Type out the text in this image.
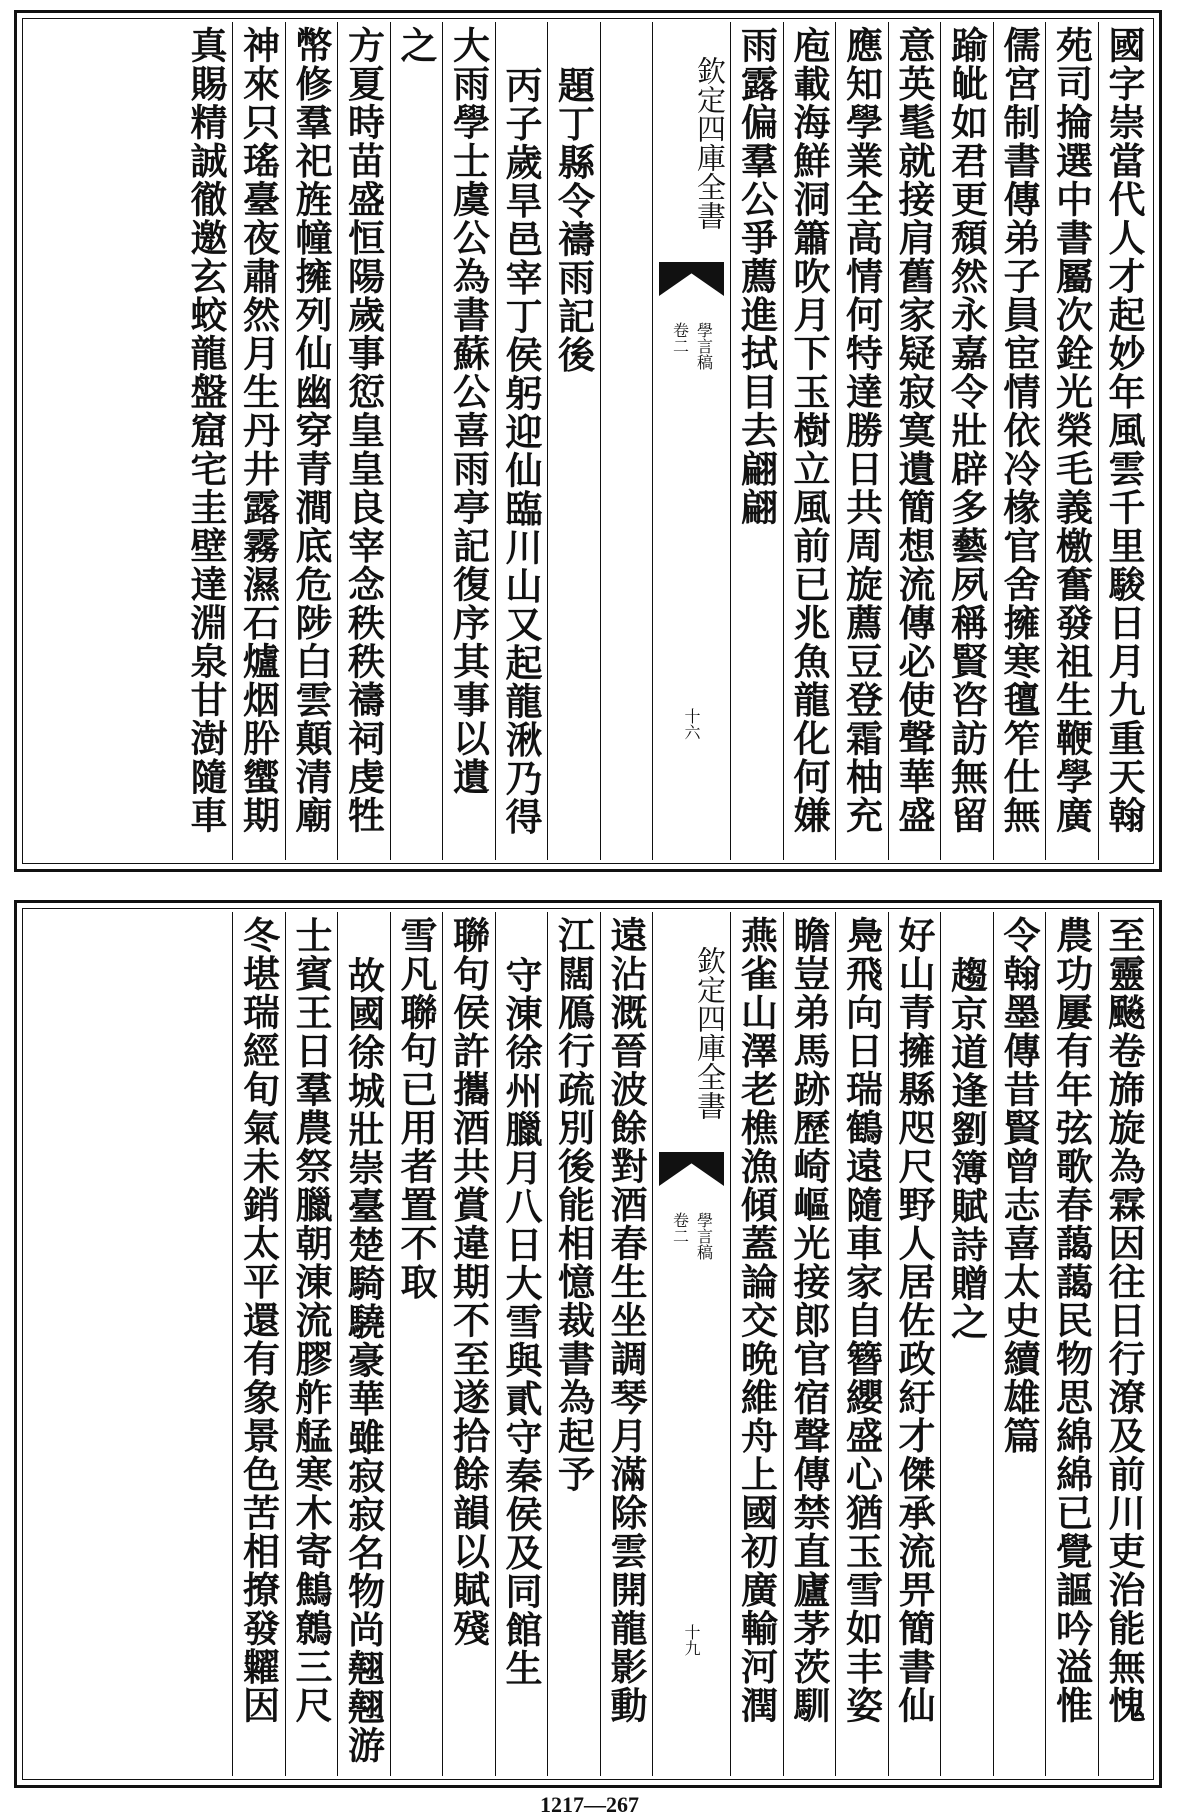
國字崇當代人才起妙年風雲千里駿日月九重天翰
苑司掄選中書屬次銓光榮毛義檄奮發祖生鞭學廣
儒宮制書傳弟子員宦情依冷椽官舍擁寒氊笮仕無
踰皉如君更頹然永嘉令壯辟多藝夙稱賢咨訪無留
意英髦就接肩舊家疑寂寞遺簡想流傳必使聲華盛
應知學業全高情何特達勝日共周旋薦豆登霜柚充
庖載海鮮洞簫吹月下玉樹立風前已兆魚龍化何嫌
雨露偏羣公爭薦進拭目去翩翩
欽定四庫全書
學言稿
卷二
十六
題丁縣令禱雨記後
丙子歲旱邑宰丁侯躬迎仙臨川山又起龍湫乃得
大雨學士虞公為書蘇公喜雨亭記復序其事以遺
之
方夏時苗盛恒陽歲事愆皇皇良宰念秩秩禱祠虔牲
幣修羣祀旌幢擁列仙幽穿青澗底危陟白雲顛清廟
神來只瑤臺夜肅然月生丹井露霧濕石爐烟肸蠁期
真賜精誠徹邀玄蛟龍盤窟宅圭壁達淵泉甘澍隨車
至靈飈卷旆旋為霖因往日行潦及前川吏治能無愧
農功屢有年弦歌春藹藹民物思綿綿已覺謳吟溢惟
令翰墨傳昔賢曾志喜太史續雄篇
趨京道逢劉簿賦詩贈之
好山青擁縣咫尺野人居佐政紆才傑承流畀簡書仙
鳧飛向日瑞鶴遠隨車家自簪纓盛心猶玉雪如丰姿
瞻豈弟馬跡歷崎嶇光接郎官宿聲傳禁直廬茅茨馴
燕雀山澤老樵漁傾蓋論交晩維舟上國初廣輸河潤
欽定四庫全書
學言稿
卷二
十九
遠沾溉晉波餘對酒春生坐調琴月滿除雲開龍影動
江闊鴈行疏別後能相憶裁書為起予
守涷徐州臘月八日大雪與貳守秦侯及同館生
聯句侯許攜酒共賞違期不至遂拾餘韻以賦殘
雪凡聯句已用者置不取
故國徐城壯崇臺楚騎驍豪華雖寂寂名物尚翹翹游
士賓王日羣農祭臘朝涷流膠舴艋寒木寄鷦鷯三尺
冬堪瑞經旬氣未銷太平還有象景色苦相撩發糶因
1217—267
